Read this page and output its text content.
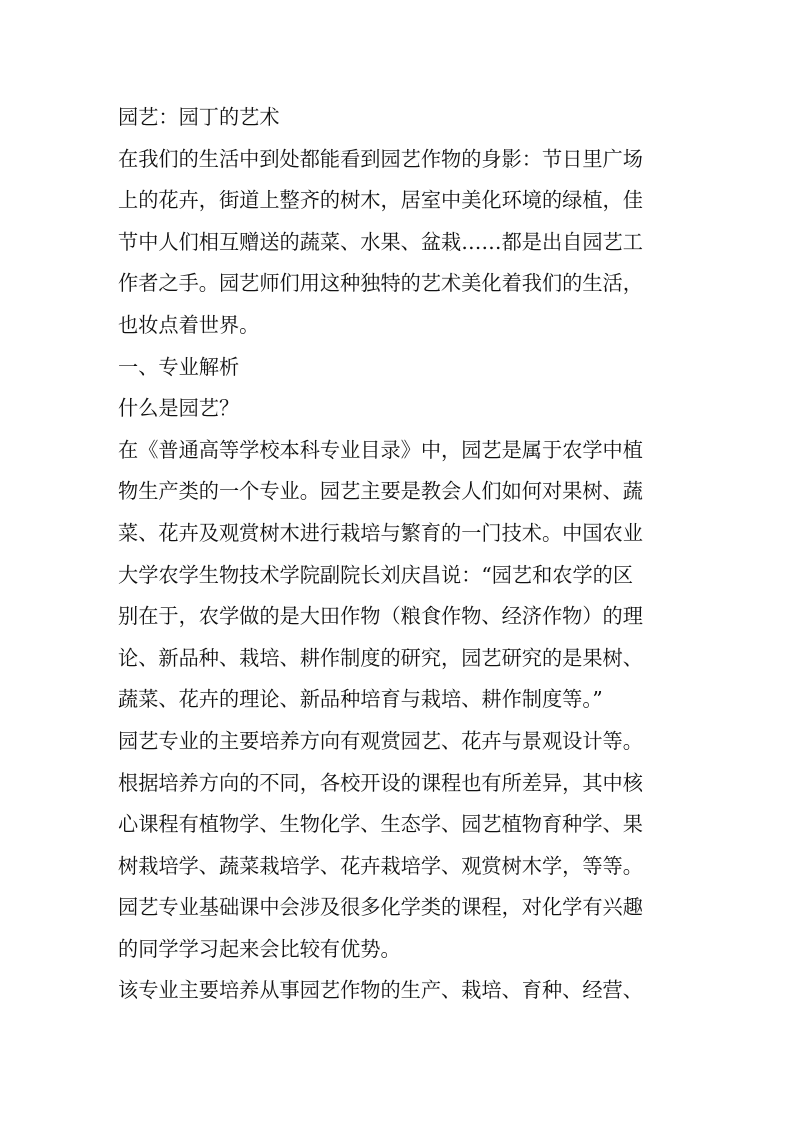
园艺：园丁的艺术
在我们的生活中到处都能看到园艺作物的身影：节日里广场
上的花卉，街道上整齐的树木，居室中美化环境的绿植，佳
节中人们相互赠送的蔬菜、水果、盆栽……都是出自园艺工
作者之手。园艺师们用这种独特的艺术美化着我们的生活，
也妆点着世界。
一、专业解析
什么是园艺？
在《普通高等学校本科专业目录》中，园艺是属于农学中植
物生产类的一个专业。园艺主要是教会人们如何对果树、蔬
菜、花卉及观赏树木进行栽培与繁育的一门技术。中国农业
大学农学生物技术学院副院长刘庆昌说：“园艺和农学的区
别在于，农学做的是大田作物（粮食作物、经济作物）的理
论、新品种、栽培、耕作制度的研究，园艺研究的是果树、
蔬菜、花卉的理论、新品种培育与栽培、耕作制度等。”
园艺专业的主要培养方向有观赏园艺、花卉与景观设计等。
根据培养方向的不同，各校开设的课程也有所差异，其中核
心课程有植物学、生物化学、生态学、园艺植物育种学、果
树栽培学、蔬菜栽培学、花卉栽培学、观赏树木学，等等。
园艺专业基础课中会涉及很多化学类的课程，对化学有兴趣
的同学学习起来会比较有优势。
该专业主要培养从事园艺作物的生产、栽培、育种、经营、
